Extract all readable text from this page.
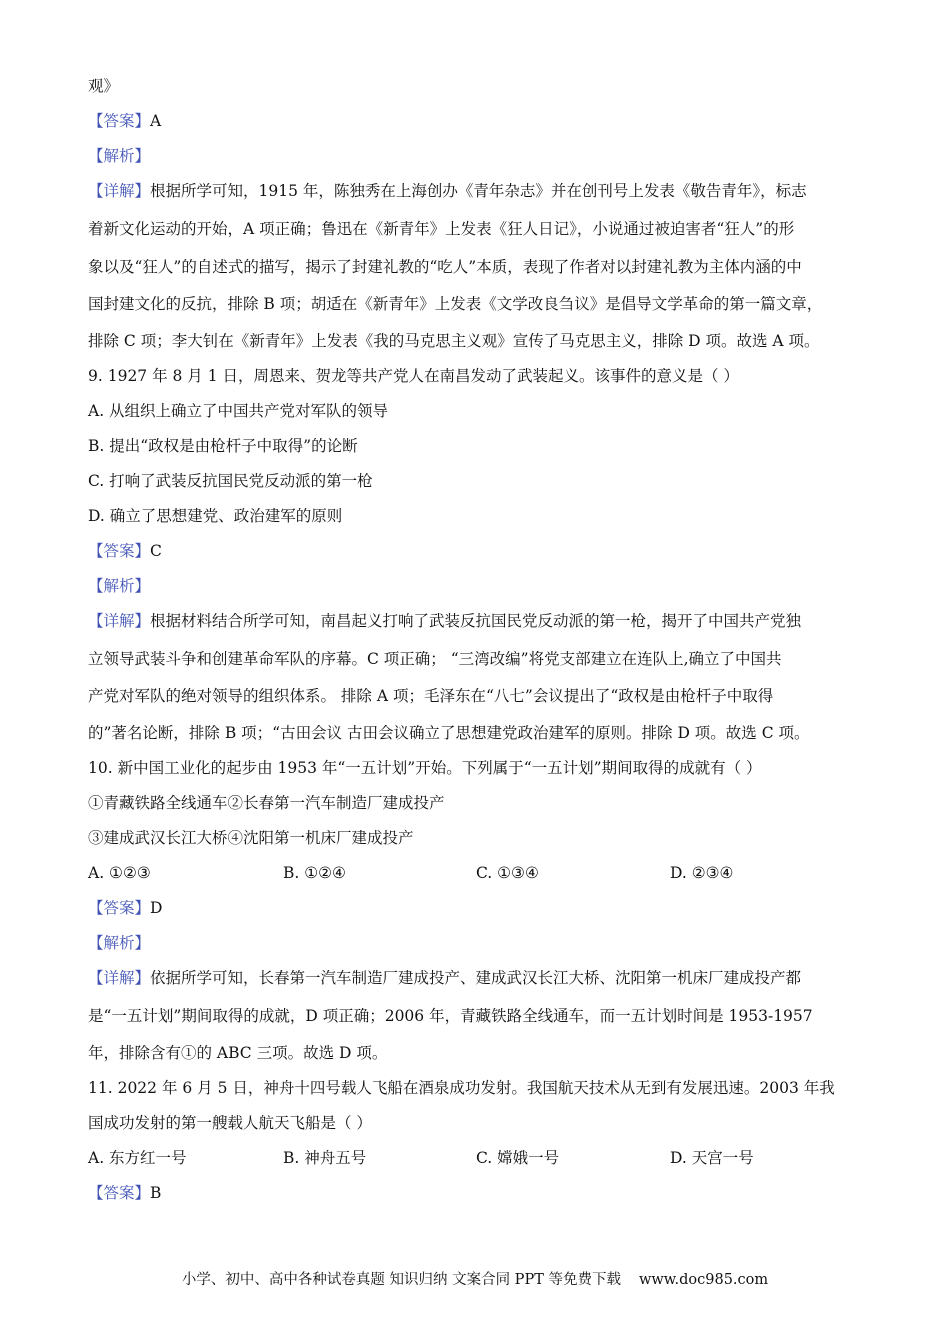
观》
【答案】A
【解析】
【详解】根据所学可知，1915 年，陈独秀在上海创办《青年杂志》并在创刊号上发表《敬告青年》，标志
着新文化运动的开始，A 项正确；鲁迅在《新青年》上发表《狂人日记》，小说通过被迫害者“狂人”的形
象以及“狂人”的自述式的描写，揭示了封建礼教的“吃人”本质，表现了作者对以封建礼教为主体内涵的中
国封建文化的反抗，排除 B 项；胡适在《新青年》上发表《文学改良刍议》是倡导文学革命的第一篇文章，
排除 C 项；李大钊在《新青年》上发表《我的马克思主义观》宣传了马克思主义，排除 D 项。故选 A 项。
9. 1927 年 8 月 1 日，周恩来、贺龙等共产党人在南昌发动了武装起义。该事件的意义是（ ）
A. 从组织上确立了中国共产党对军队的领导
B. 提出“政权是由枪杆子中取得”的论断
C. 打响了武装反抗国民党反动派的第一枪
D. 确立了思想建党、政治建军的原则
【答案】C
【解析】
【详解】根据材料结合所学可知，南昌起义打响了武装反抗国民党反动派的第一枪，揭开了中国共产党独
立领导武装斗争和创建革命军队的序幕。C 项正确； “三湾改编”将党支部建立在连队上,确立了中国共
产党对军队的绝对领导的组织体系。 排除 A 项；毛泽东在“八七”会议提出了“政权是由枪杆子中取得
的”著名论断，排除 B 项；“古田会议 古田会议确立了思想建党政治建军的原则。排除 D 项。故选 C 项。
10. 新中国工业化的起步由 1953 年“一五计划”开始。下列属于“一五计划”期间取得的成就有（ ）
①青藏铁路全线通车②长春第一汽车制造厂建成投产
③建成武汉长江大桥④沈阳第一机床厂建成投产
A. ①②③	B. ①②④	C. ①③④	D. ②③④
【答案】D
【解析】
【详解】依据所学可知，长春第一汽车制造厂建成投产、建成武汉长江大桥、沈阳第一机床厂建成投产都
是“一五计划”期间取得的成就，D 项正确；2006 年，青藏铁路全线通车，而一五计划时间是 1953-1957
年，排除含有①的 ABC 三项。故选 D 项。
11. 2022 年 6 月 5 日，神舟十四号载人飞船在酒泉成功发射。我国航天技术从无到有发展迅速。2003 年我
国成功发射的第一艘载人航天飞船是（ ）
A. 东方红一号	B. 神舟五号	C. 嫦娥一号	D. 天宫一号
【答案】B
小学、初中、高中各种试卷真题 知识归纳 文案合同 PPT 等免费下载 www.doc985.com
